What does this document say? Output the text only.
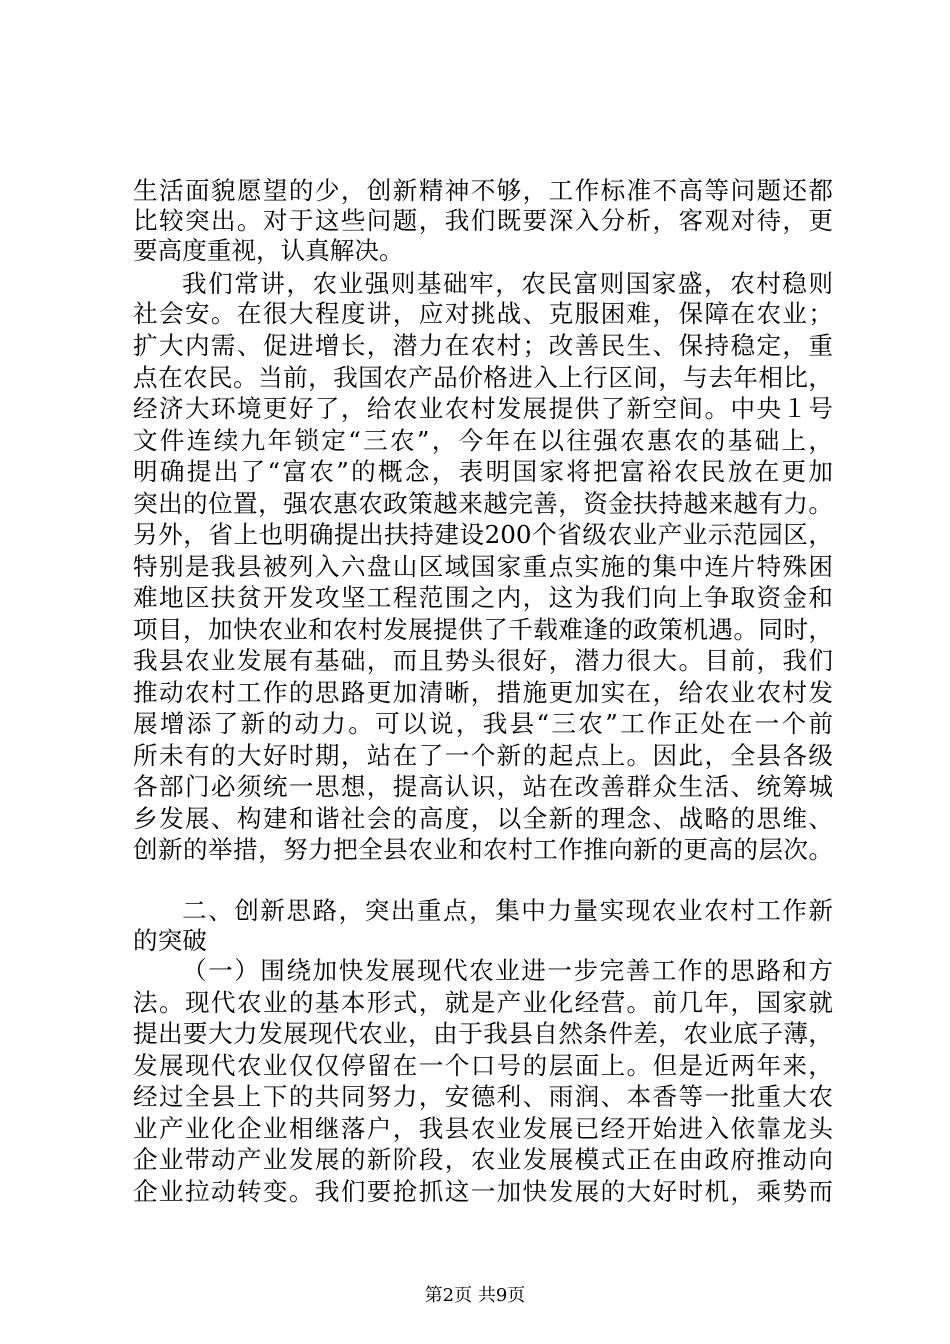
生活面貌愿望的少，创新精神不够，工作标准不高等问题还都
比较突出。对于这些问题，我们既要深入分析，客观对待，更
要高度重视，认真解决。
我们常讲，农业强则基础牢，农民富则国家盛，农村稳则
社会安。在很大程度讲，应对挑战、克服困难，保障在农业；
扩大内需、促进增长，潜力在农村；改善民生、保持稳定，重
点在农民。当前，我国农产品价格进入上行区间，与去年相比，
经济大环境更好了，给农业农村发展提供了新空间。中央１号
文件连续九年锁定“三农”，今年在以往强农惠农的基础上，
明确提出了“富农”的概念，表明国家将把富裕农民放在更加
突出的位置，强农惠农政策越来越完善，资金扶持越来越有力。
另外，省上也明确提出扶持建设200个省级农业产业示范园区，
特别是我县被列入六盘山区域国家重点实施的集中连片特殊困
难地区扶贫开发攻坚工程范围之内，这为我们向上争取资金和
项目，加快农业和农村发展提供了千载难逢的政策机遇。同时，
我县农业发展有基础，而且势头很好，潜力很大。目前，我们
推动农村工作的思路更加清晰，措施更加实在，给农业农村发
展增添了新的动力。可以说，我县“三农”工作正处在一个前
所未有的大好时期，站在了一个新的起点上。因此，全县各级
各部门必须统一思想，提高认识，站在改善群众生活、统筹城
乡发展、构建和谐社会的高度，以全新的理念、战略的思维、
创新的举措，努力把全县农业和农村工作推向新的更高的层次。
二、创新思路，突出重点，集中力量实现农业农村工作新
的突破
（一）围绕加快发展现代农业进一步完善工作的思路和方
法。现代农业的基本形式，就是产业化经营。前几年，国家就
提出要大力发展现代农业，由于我县自然条件差，农业底子薄，
发展现代农业仅仅停留在一个口号的层面上。但是近两年来，
经过全县上下的共同努力，安德利、雨润、本香等一批重大农
业产业化企业相继落户，我县农业发展已经开始进入依靠龙头
企业带动产业发展的新阶段，农业发展模式正在由政府推动向
企业拉动转变。我们要抢抓这一加快发展的大好时机，乘势而
第2页 共9页
